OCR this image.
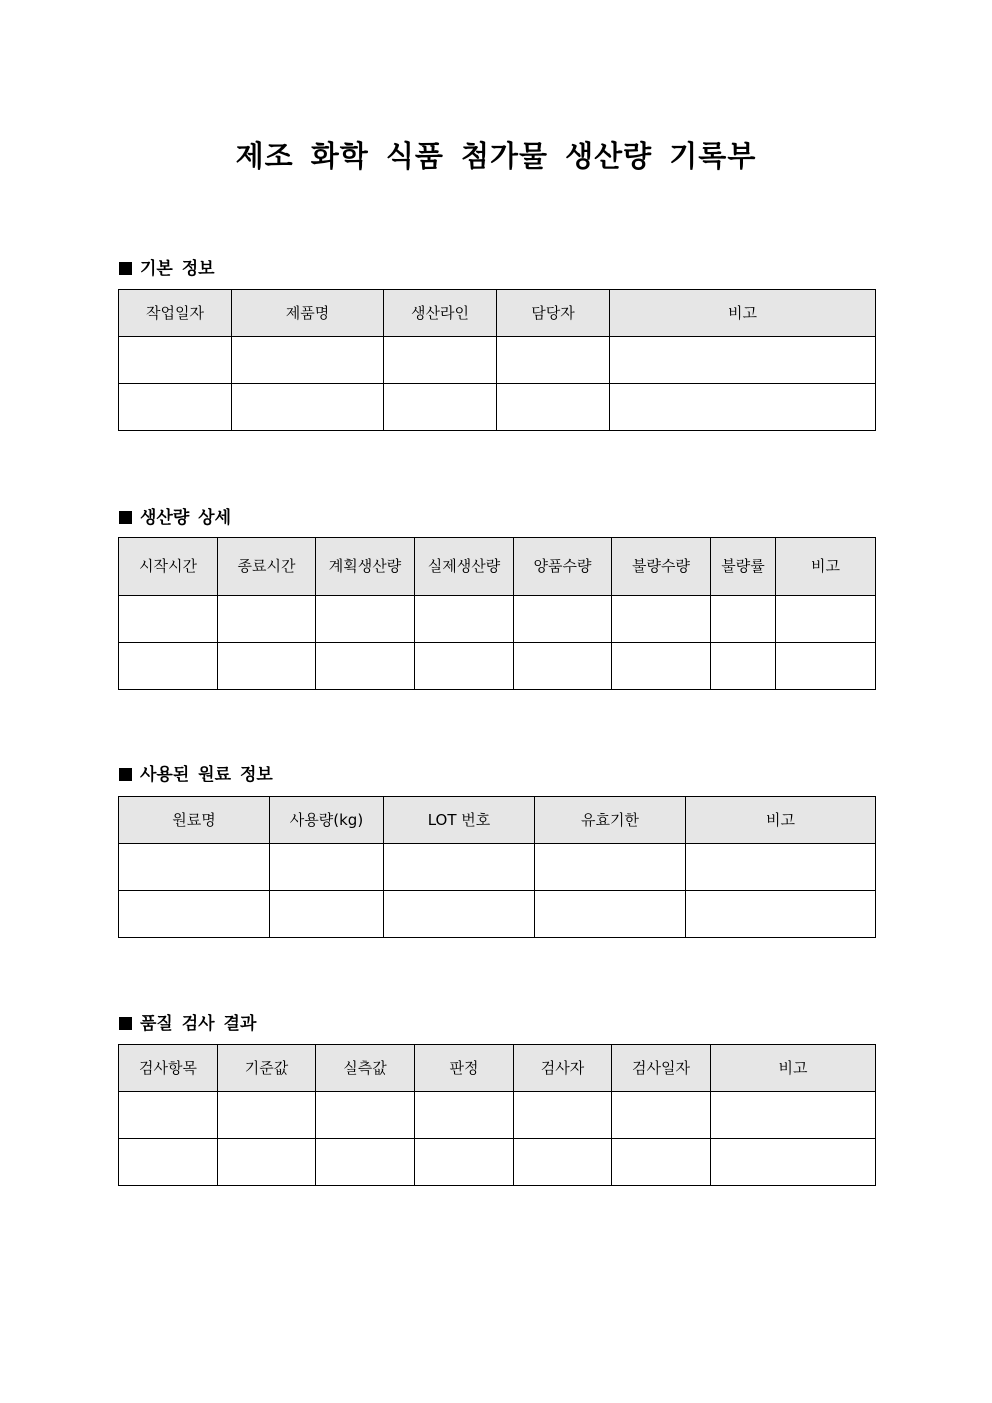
제조 화학 식품 첨가물 생산량 기록부
기본 정보
작업일자	제품명	생산라인	담당자	비고

생산량 상세
시작시간	종료시간	계획생산량	실제생산량	양품수량	불량수량	불량률	비고

사용된 원료 정보
원료명	사용량(kg)	LOT 번호	유효기한	비고

품질 검사 결과
검사항목	기준값	실측값	판정	검사자	검사일자	비고
